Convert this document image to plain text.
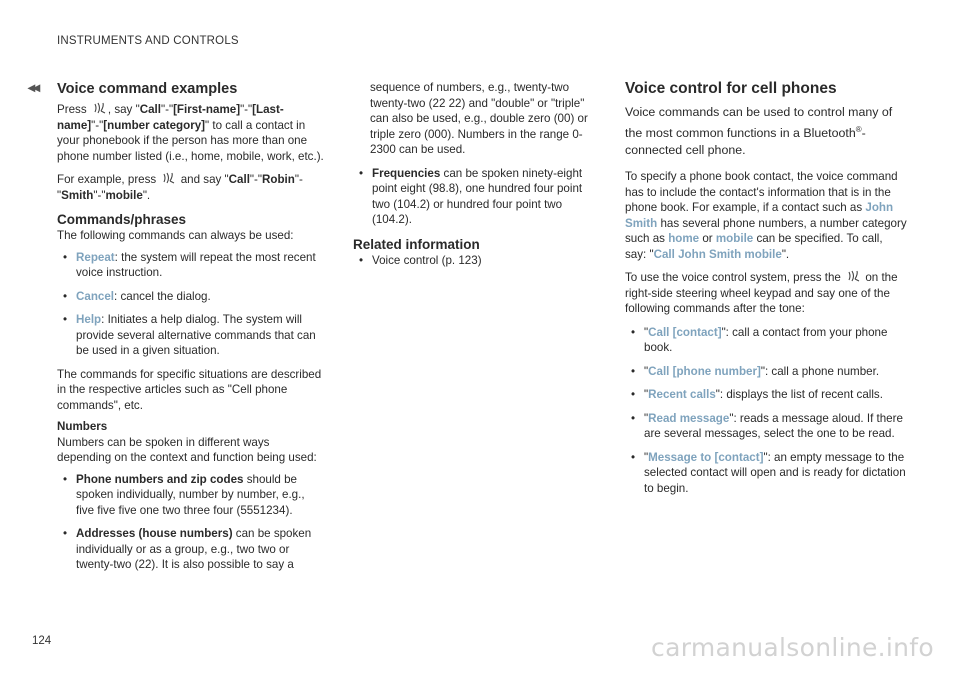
INSTRUMENTS AND CONTROLS
◂◂ Voice command examples

Press , say "Call"-"[First-name]"-"[Last-name]"-"[number category]" to call a contact in your phonebook if the person has more than one phone number listed (i.e., home, mobile, work, etc.).

For example, press and say "Call"-"Robin"-"Smith"-"mobile".

Commands/phrases

The following commands can always be used:

• Repeat: the system will repeat the most recent voice instruction.
• Cancel: cancel the dialog.
• Help: Initiates a help dialog. The system will provide several alternative commands that can be used in a given situation.

The commands for specific situations are described in the respective articles such as "Cell phone commands", etc.

Numbers

Numbers can be spoken in different ways depending on the context and function being used:

• Phone numbers and zip codes should be spoken individually, number by number, e.g., five five five one two three four (5551234).
• Addresses (house numbers) can be spoken individually or as a group, e.g., two two or twenty-two (22). It is also possible to say a

sequence of numbers, e.g., twenty-two twenty-two (22 22) and "double" or "triple" can also be used, e.g., double zero (00) or triple zero (000). Numbers in the range 0-2300 can be used.

• Frequencies can be spoken ninety-eight point eight (98.8), one hundred four point two (104.2) or hundred four point two (104.2).
Related information
• Voice control (p. 123)
Voice control for cell phones

Voice commands can be used to control many of the most common functions in a Bluetooth®-connected cell phone.

To specify a phone book contact, the voice command has to include the contact's information that is in the phone book. For example, if a contact such as John Smith has several phone numbers, a number category such as home or mobile can be specified. To call, say: "Call John Smith mobile".

To use the voice control system, press the on the right-side steering wheel keypad and say one of the following commands after the tone:

• "Call [contact]": call a contact from your phone book.
• "Call [phone number]": call a phone number.
• "Recent calls": displays the list of recent calls.
• "Read message": reads a message aloud. If there are several messages, select the one to be read.
• "Message to [contact]": an empty message to the selected contact will open and is ready for dictation to begin.
124	carmanualsonline.info
